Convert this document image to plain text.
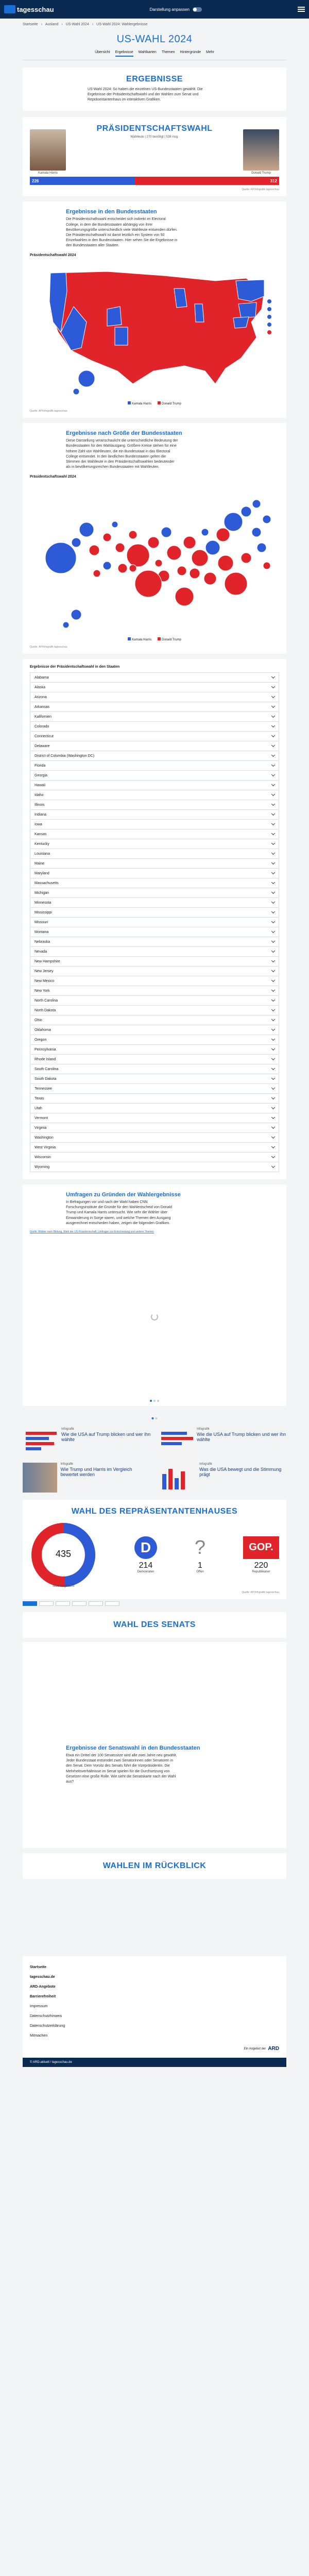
tagesschau	Darstellung anpassen
Startseite › Ausland › US-Wahl 2024 › US-Wahl 2024: Wahlergebnisse
US-WAHL 2024
Übersicht Ergebnisse Wahlkarten Themen Hintergründe Mehr
ERGEBNISSE

US-Wahl 2024: So haben die einzelnen US-Bundesstaaten gewählt. Die Ergebnisse der Präsidentschaftswahl und der Wahlen zum Senat und Repräsentantenhaus im interaktiven Grafiken.

PRÄSIDENTSCHAFTSWAHL
Wahlleute | 270 benötigt | 538 insg.
Kamala Harris	Donald Trump
226	312
Quelle: AP/Infografik tagesschau
Ergebnisse in den Bundesstaaten

Die Präsidentschaftswahl entscheidet sich indirekt im Electoral College, in dem die Bundesstaaten abhängig von ihrer Bevölkerungsgröße unterschiedlich viele Wahlleute entsenden dürfen. Die Präsidentschaftswahl ist damit letztlich ein System von 50 Einzelwahlen in den Bundesstaaten. Hier sehen Sie die Ergebnisse in den Bundesstaaten aller Staaten.

Präsidentschaftswahl 2024
Kamala Harris	Donald Trump
Quelle: AP/Infografik tagesschau
Ergebnisse nach Größe der Bundesstaaten

Diese Darstellung veranschaulicht die unterschiedliche Bedeutung der Bundesstaaten für den Wahlausgang. Größere Kreise stehen für eine höhere Zahl von Wahlleuten, die ein Bundesstaat in das Electoral College entsendet. In den ländlichen Bundesstaaten gelten die Stimmen der Wahlleute in den Präsidentschaftswahlen bedeutender als in bevölkerungsreichen Bundesstaaten mit Wahlleuten.

Präsidentschaftswahl 2024
Kamala Harris	Donald Trump
Quelle: AP/Infografik tagesschau
Ergebnisse der Präsidentschaftswahl in den Staaten
Alabama
Alaska
Arizona
Arkansas
Kalifornien
Colorado
Connecticut
Delaware
District of Columbia (Washington DC)
Florida
Georgia
Hawaii
Idaho
Illinois
Indiana
Iowa
Kansas
Kentucky
Louisiana
Maine
Maryland
Massachusetts
Michigan
Minnesota
Mississippi
Missouri
Montana
Nebraska
Nevada
New Hampshire
New Jersey
New Mexico
New York
North Carolina
North Dakota
Ohio
Oklahoma
Oregon
Pennsylvania
Rhode Island
South Carolina
South Dakota
Tennessee
Texas
Utah
Vermont
Virginia
Washington
West Virginia
Wisconsin
Wyoming
Umfragen zu Gründen der Wahlergebnisse

In Befragungen vor und nach der Wahl haben CNN Forschungsinstitute die Gründe für den Wahlentscheid von Donald Trump und Kamala Harris untersucht. Wie sehr die Wähler über Einwanderung in Sorge waren, und welche Themen den Ausgang ausgerechnet entschieden haben, zeigen die folgenden Grafiken.

Grafik: Wähler nach Bildung, Wahl der US-Präsidentschaft, Umfragen zur Entscheidung und weitere Themen
Infografik
Wie die USA auf Trump blicken und wer ihn wählte
Infografik
Wie die USA auf Trump blicken und wer ihn wählte
Infografik
Wie Trump und Harris im Vergleich bewertet werden
Infografik
Was die USA bewegt und die Stimmung prägt
WAHL DES REPRÄSENTANTENHAUSES
435
Sitze insgesamt
D
214
Demokraten
?
1
Offen
GOP.
220
Republikaner
Quelle: AP/Infografik tagesschau
WAHL DES SENATS
Ergebnisse der Senatswahl in den Bundesstaaten

Etwa ein Drittel der 100 Senatssitze wird alle zwei Jahre neu gewählt. Jeder Bundesstaat entsendet zwei Senatorinnen oder Senatoren in den Senat. Dem Vorsitz des Senats führt die Vizepräsidentin. Die Mehrheitsverhältnisse im Senat spielen für die Durchsetzung von Gesetzen eine große Rolle. Wie sieht die Senatskarte nach der Wahl aus?

WAHLEN IM RÜCKBLICK
Startseite
tagesschau.de
ARD-Angebote
Barrierefreiheit
Impressum
Datenschutzhinweis
Datenschutzerklärung
Mitmachen
Ein Angebot der ARD
© ARD-aktuell / tagesschau.de
